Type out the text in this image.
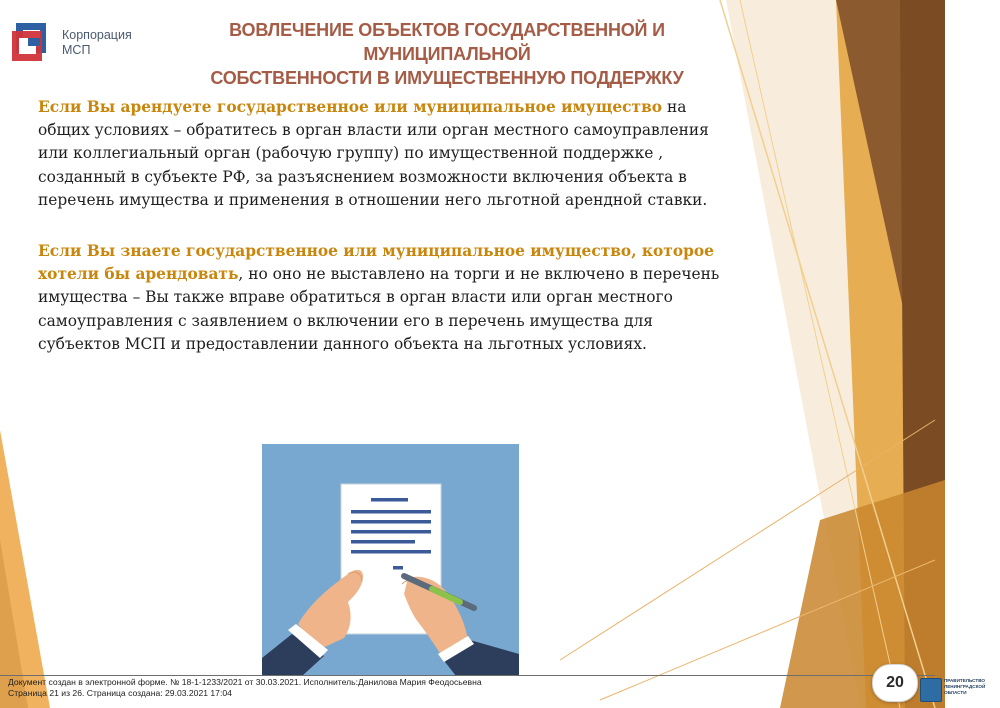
Корпорация
МСП
ВОВЛЕЧЕНИЕ ОБЪЕКТОВ ГОСУДАРСТВЕННОЙ И МУНИЦИПАЛЬНОЙ
СОБСТВЕННОСТИ В ИМУЩЕСТВЕННУЮ ПОДДЕРЖКУ

Если Вы арендуете государственное или муниципальное имущество на общих условиях – обратитесь в орган власти или орган местного самоуправления или коллегиальный орган (рабочую группу) по имущественной поддержке , созданный в субъекте РФ, за разъяснением возможности включения объекта в перечень имущества и применения в отношении него льготной арендной ставки.

Если Вы знаете государственное или муниципальное имущество, которое хотели бы арендовать, но оно не выставлено на торги и не включено в перечень имущества – Вы также вправе обратиться в орган власти или орган местного самоуправления с заявлением о включении его в перечень имущества для субъектов МСП и предоставлении данного объекта на льготных условиях.

Документ создан в электронной форме. № 18-1-1233/2021 от 30.03.2021. Исполнитель:Данилова Мария Феодосьевна
Страница 21 из 26. Страница создана: 29.03.2021 17:04
20	ПРАВИТЕЛЬСТВО
ЛЕНИНГРАДСКОЙ
ОБЛАСТИ
